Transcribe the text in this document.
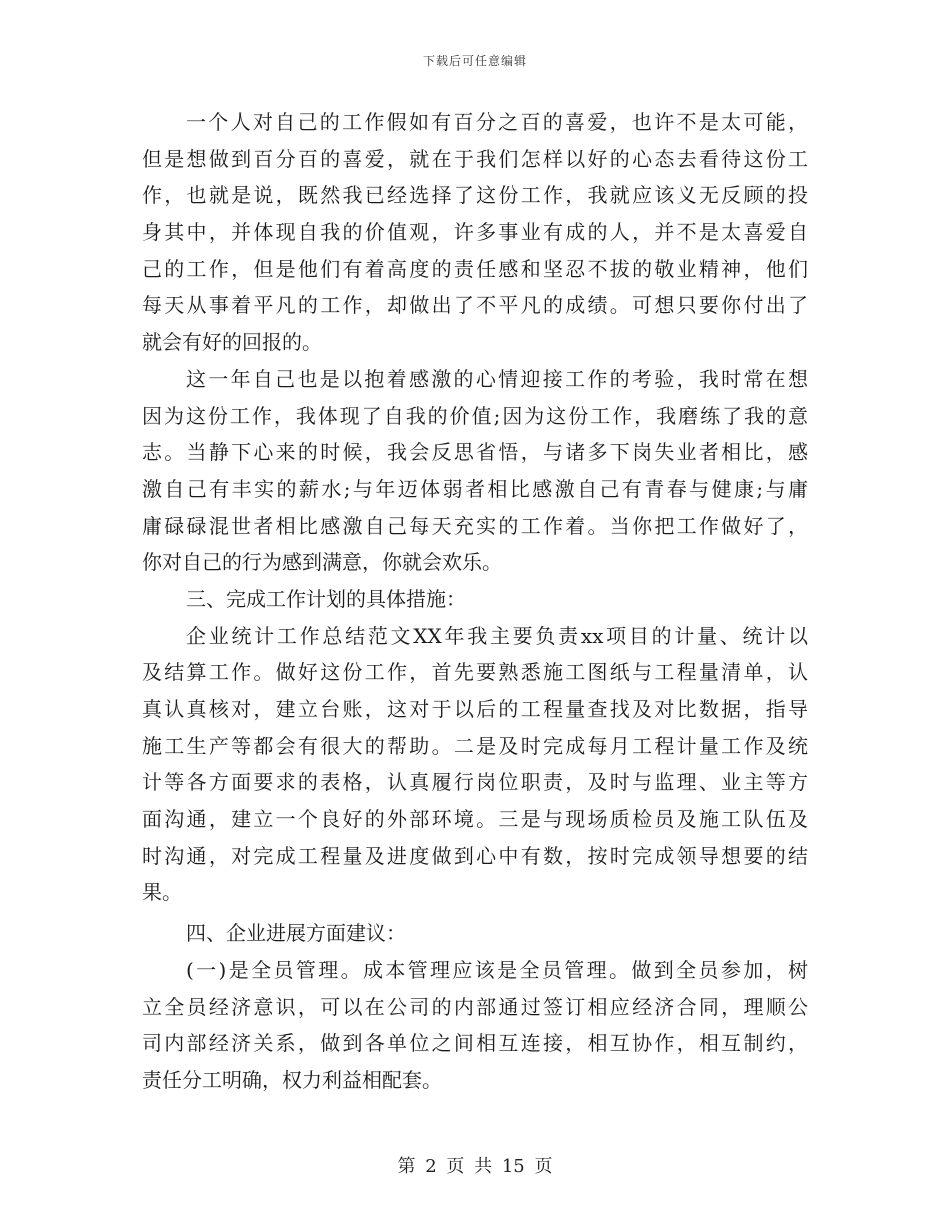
下载后可任意编辑
一个人对自己的工作假如有百分之百的喜爱，也许不是太可能，
但是想做到百分百的喜爱，就在于我们怎样以好的心态去看待这份工
作，也就是说，既然我已经选择了这份工作，我就应该义无反顾的投
身其中，并体现自我的价值观，许多事业有成的人，并不是太喜爱自
己的工作，但是他们有着高度的责任感和坚忍不拔的敬业精神，他们
每天从事着平凡的工作，却做出了不平凡的成绩。可想只要你付出了
就会有好的回报的。
这一年自己也是以抱着感激的心情迎接工作的考验，我时常在想
因为这份工作，我体现了自我的价值;因为这份工作，我磨练了我的意
志。当静下心来的时候，我会反思省悟，与诸多下岗失业者相比，感
激自己有丰实的薪水;与年迈体弱者相比感激自己有青春与健康;与庸
庸碌碌混世者相比感激自己每天充实的工作着。当你把工作做好了，
你对自己的行为感到满意，你就会欢乐。
三、完成工作计划的具体措施：
企业统计工作总结范文XX年我主要负责xx项目的计量、统计以
及结算工作。做好这份工作，首先要熟悉施工图纸与工程量清单，认
真认真核对，建立台账，这对于以后的工程量查找及对比数据，指导
施工生产等都会有很大的帮助。二是及时完成每月工程计量工作及统
计等各方面要求的表格，认真履行岗位职责，及时与监理、业主等方
面沟通，建立一个良好的外部环境。三是与现场质检员及施工队伍及
时沟通，对完成工程量及进度做到心中有数，按时完成领导想要的结
果。
四、企业进展方面建议：
(一)是全员管理。成本管理应该是全员管理。做到全员参加，树
立全员经济意识，可以在公司的内部通过签订相应经济合同，理顺公
司内部经济关系，做到各单位之间相互连接，相互协作，相互制约，
责任分工明确，权力利益相配套。
第 2 页 共 15 页
